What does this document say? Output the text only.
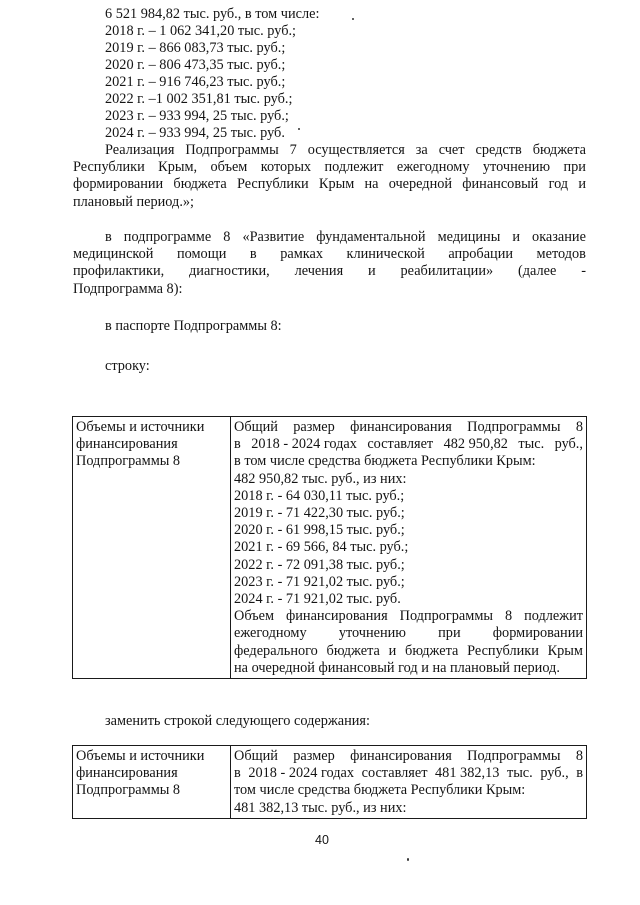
6 521 984,82 тыс. руб., в том числе:
2018 г. – 1 062 341,20 тыс. руб.;
2019 г. – 866 083,73 тыс. руб.;
2020 г. – 806 473,35 тыс. руб.;
2021 г. – 916 746,23 тыс. руб.;
2022 г. –1 002 351,81 тыс. руб.;
2023 г. – 933 994, 25 тыс. руб.;
2024 г. – 933 994, 25 тыс. руб.
Реализация Подпрограммы 7 осуществляется за счет средств бюджета
Республики Крым, объем которых подлежит ежегодному уточнению при
формировании бюджета Республики Крым на очередной финансовый год и

плановый период.»;

в подпрограмме 8 «Развитие фундаментальной медицины и оказание
медицинской помощи в рамках клинической апробации методов
профилактики, диагностики, лечения и реабилитации» (далее -

Подпрограмма 8):

в паспорте Подпрограммы 8:
строку:
Объемы и источники
финансирования
Подпрограммы 8

Общий размер финансирования Подпрограммы 8
в 2018 - 2024 годах составляет 482 950,82 тыс. руб.,
в том числе средства бюджета Республики Крым:
482 950,82 тыс. руб., из них:
2018 г. - 64 030,11 тыс. руб.;
2019 г. - 71 422,30 тыс. руб.;
2020 г. - 61 998,15 тыс. руб.;
2021 г. - 69 566, 84 тыс. руб.;
2022 г. - 72 091,38 тыс. руб.;
2023 г. - 71 921,02 тыс. руб.;
2024 г. - 71 921,02 тыс. руб.
Объем финансирования Подпрограммы 8 подлежит
ежегодному уточнению при формировании
федерального бюджета и бюджета Республики Крым
на очередной финансовый год и на плановый период.
заменить строкой следующего содержания:
Объемы и источники
финансирования
Подпрограммы 8

Общий размер финансирования Подпрограммы 8
в 2018 - 2024 годах составляет 481 382,13 тыс. руб., в
том числе средства бюджета Республики Крым:
481 382,13 тыс. руб., из них:
40
